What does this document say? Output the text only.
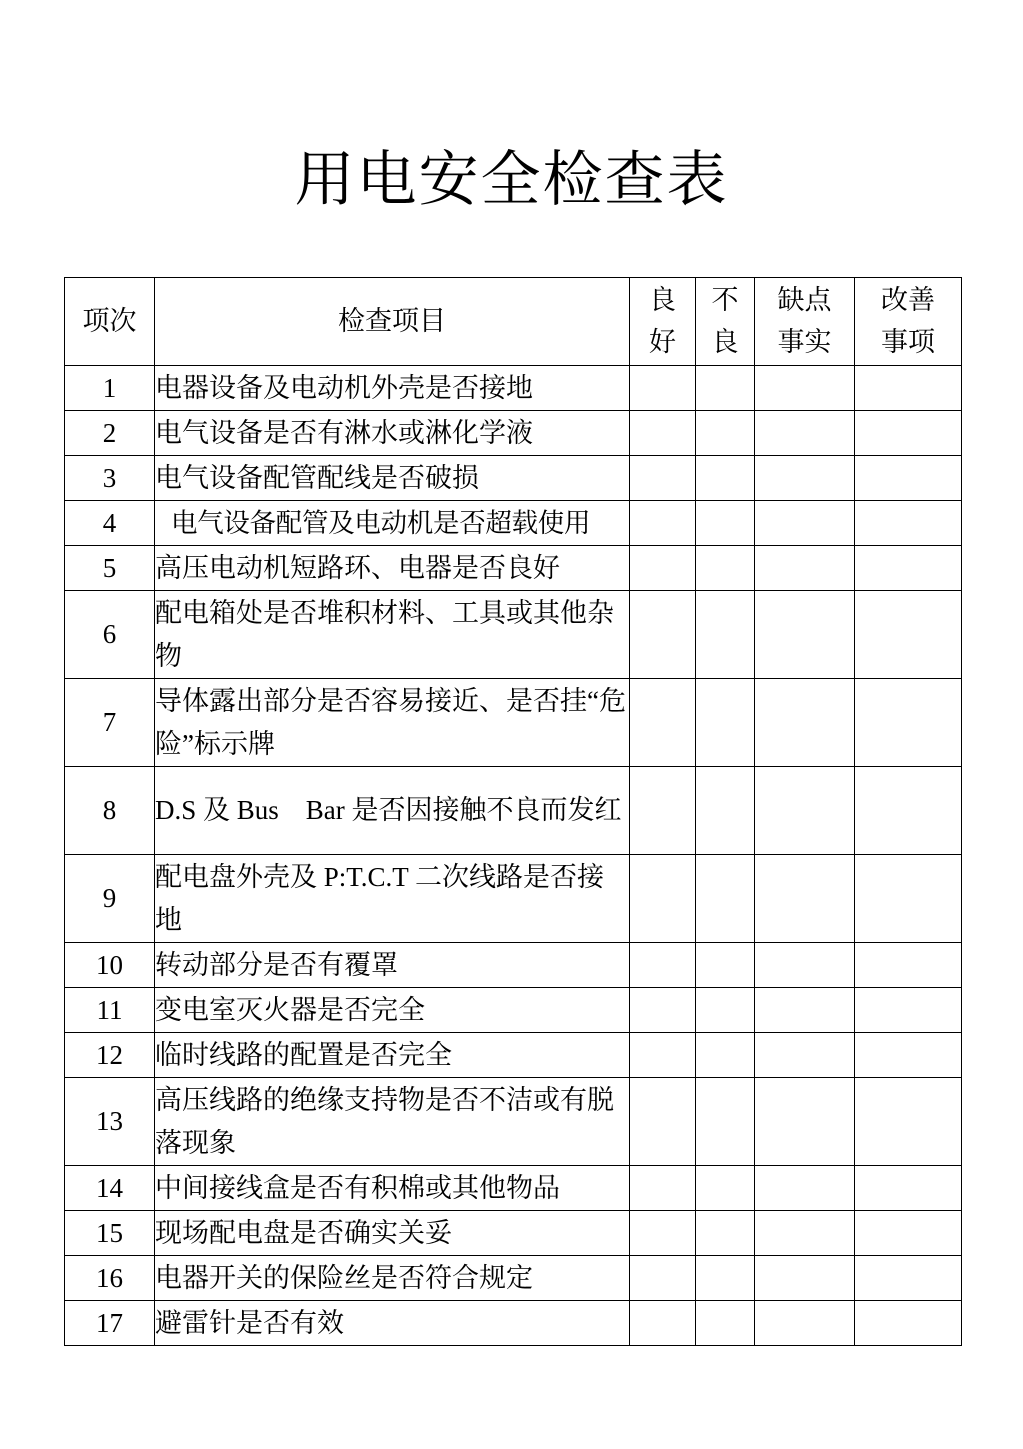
用电安全检查表
项次	检查项目	良好	不良	缺点事实	改善事项
1	电器设备及电动机外壳是否接地				
2	电气设备是否有淋水或淋化学液				
3	电气设备配管配线是否破损				
4	电气设备配管及电动机是否超载使用				
5	高压电动机短路环、电器是否良好				
6	配电箱处是否堆积材料、工具或其他杂物				
7	导体露出部分是否容易接近、是否挂“危险”标示牌				
8	D.S 及 Bus　Bar 是否因接触不良而发红				
9	配电盘外壳及 P:T.C.T 二次线路是否接地				
10	转动部分是否有覆罩				
11	变电室灭火器是否完全				
12	临时线路的配置是否完全				
13	高压线路的绝缘支持物是否不洁或有脱落现象				
14	中间接线盒是否有积棉或其他物品				
15	现场配电盘是否确实关妥				
16	电器开关的保险丝是否符合规定				
17	避雷针是否有效				
